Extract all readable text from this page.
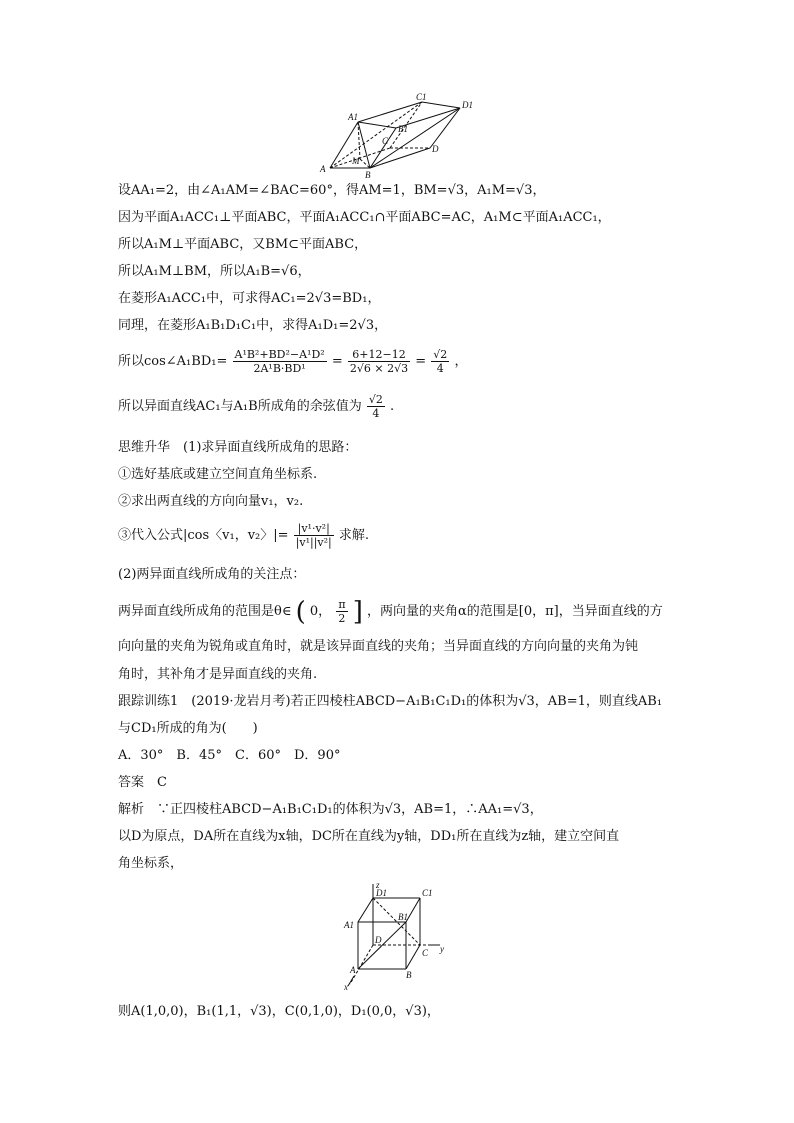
A
A1
B
B1
C
C1
D
D1
M
设AA₁=2，由∠A₁AM=∠BAC=60°，得AM=1，BM=√3，A₁M=√3，
因为平面A₁ACC₁⊥平面ABC，平面A₁ACC₁∩平面ABC=AC，A₁M⊂平面A₁ACC₁，
所以A₁M⊥平面ABC，又BM⊂平面ABC，
所以A₁M⊥BM，所以A₁B=√6，
在菱形A₁ACC₁中，可求得AC₁=2√3=BD₁，
同理，在菱形A₁B₁D₁C₁中，求得A₁D₁=2√3，
所以cos∠A₁BD₁= $\frac{\text{A¹B²+BD²−A¹D²}}{\text{2A¹B·BD¹}} = \frac{6+12-12}{2√6 \times 2√3} = \frac{√2}{4}$ ，
所以异面直线AC₁与A₁B所成角的余弦值为 $\frac{√2}{4}$ .
思维升华　(1)求异面直线所成角的思路：
①选好基底或建立空间直角坐标系.
②求出两直线的方向向量v₁，v₂.
③代入公式|cos〈v₁，v₂〉|= $\frac{\text{|v¹·v²|}}{\text{|v¹||v²|}}$ 求解.
(2)两异面直线所成角的关注点：
两异面直线所成角的范围是θ∈ ( 0， $\frac{\pi}{2}$ ] ，两向量的夹角α的范围是[0，π]，当异面直线的方
向向量的夹角为锐角或直角时，就是该异面直线的夹角；当异面直线的方向向量的夹角为钝
角时，其补角才是异面直线的夹角.
跟踪训练1　(2019·龙岩月考)若正四棱柱ABCD−A₁B₁C₁D₁的体积为√3，AB=1，则直线AB₁
与CD₁所成的角为(　　)
A．30°　B．45°　C．60°　D．90°
答案　C
解析　∵正四棱柱ABCD−A₁B₁C₁D₁的体积为√3，AB=1，∴AA₁=√3，
以D为原点，DA所在直线为x轴，DC所在直线为y轴，DD₁所在直线为z轴，建立空间直
角坐标系，
z
D1	C1
A1
B1
D
C y
A	B
x
则A(1,0,0)，B₁(1,1，√3)，C(0,1,0)，D₁(0,0，√3)，
